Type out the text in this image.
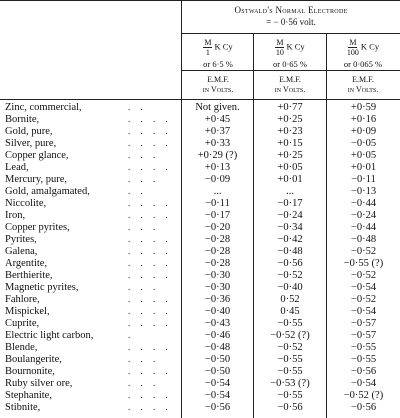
Ostwald's Normal Electrode
= − 0·56 volt.
$\frac{M}{1}$ K Cy
or 6·5 %
E.M.F.
in Volts.
$\frac{M}{10}$ K Cy
or 0·65 %
E.M.F.
in Volts.
$\frac{M}{100}$ K Cy
or 0·065 %
E.M.F.
in Volts.
Zinc, commercial,	. .	Not given.	+0·77	+0·59
Bornite,	. . . .	+0·45	+0·25	+0·16
Gold, pure,	. . . .	+0·37	+0·23	+0·09
Silver, pure,	. . . .	+0·33	+0·15	−0·05
Copper glance,	. . .	+0·29 (?)	+0·25	+0·05
Lead,	. . . .	+0·13	+0·05	+0·01
Mercury, pure,	. . .	−0·09	+0·01	−0·11
Gold, amalgamated,	. .	...	...	−0·13
Niccolite,	. . . .	−0·11	−0·17	−0·44
Iron,	. . . .	−0·17	−0·24	−0·24
Copper pyrites,	. . .	−0·20	−0·34	−0·44
Pyrites,	. . . .	−0·28	−0·42	−0·48
Galena,	. . . .	−0·28	−0·48	−0·52
Argentite,	. . . .	−0·28	−0·56	−0·55 (?)
Berthierite,	. . . .	−0·30	−0·52	−0·52
Magnetic pyrites,	. . .	−0·30	−0·40	−0·54
Fahlore,	. . . .	−0·36	0·52	−0·52
Mispickel,	. . . .	−0·40	0·45	−0·54
Cuprite,	. . . .	−0·43	−0·55	−0·57
Electric light carbon,	.	−0·46	−0·52 (?)	−0·57
Blende,	. . . .	−0·48	−0·52	−0·55
Boulangerite,	. . .	−0·50	−0·55	−0·55
Bournonite,	. . . .	−0·50	−0·55	−0·56
Ruby silver ore,	. . .	−0·54	−0·53 (?)	−0·54
Stephanite,	. . . .	−0·54	−0·55	−0·52 (?)
Stibnite,	. . . .	−0·56	−0·56	−0·56
